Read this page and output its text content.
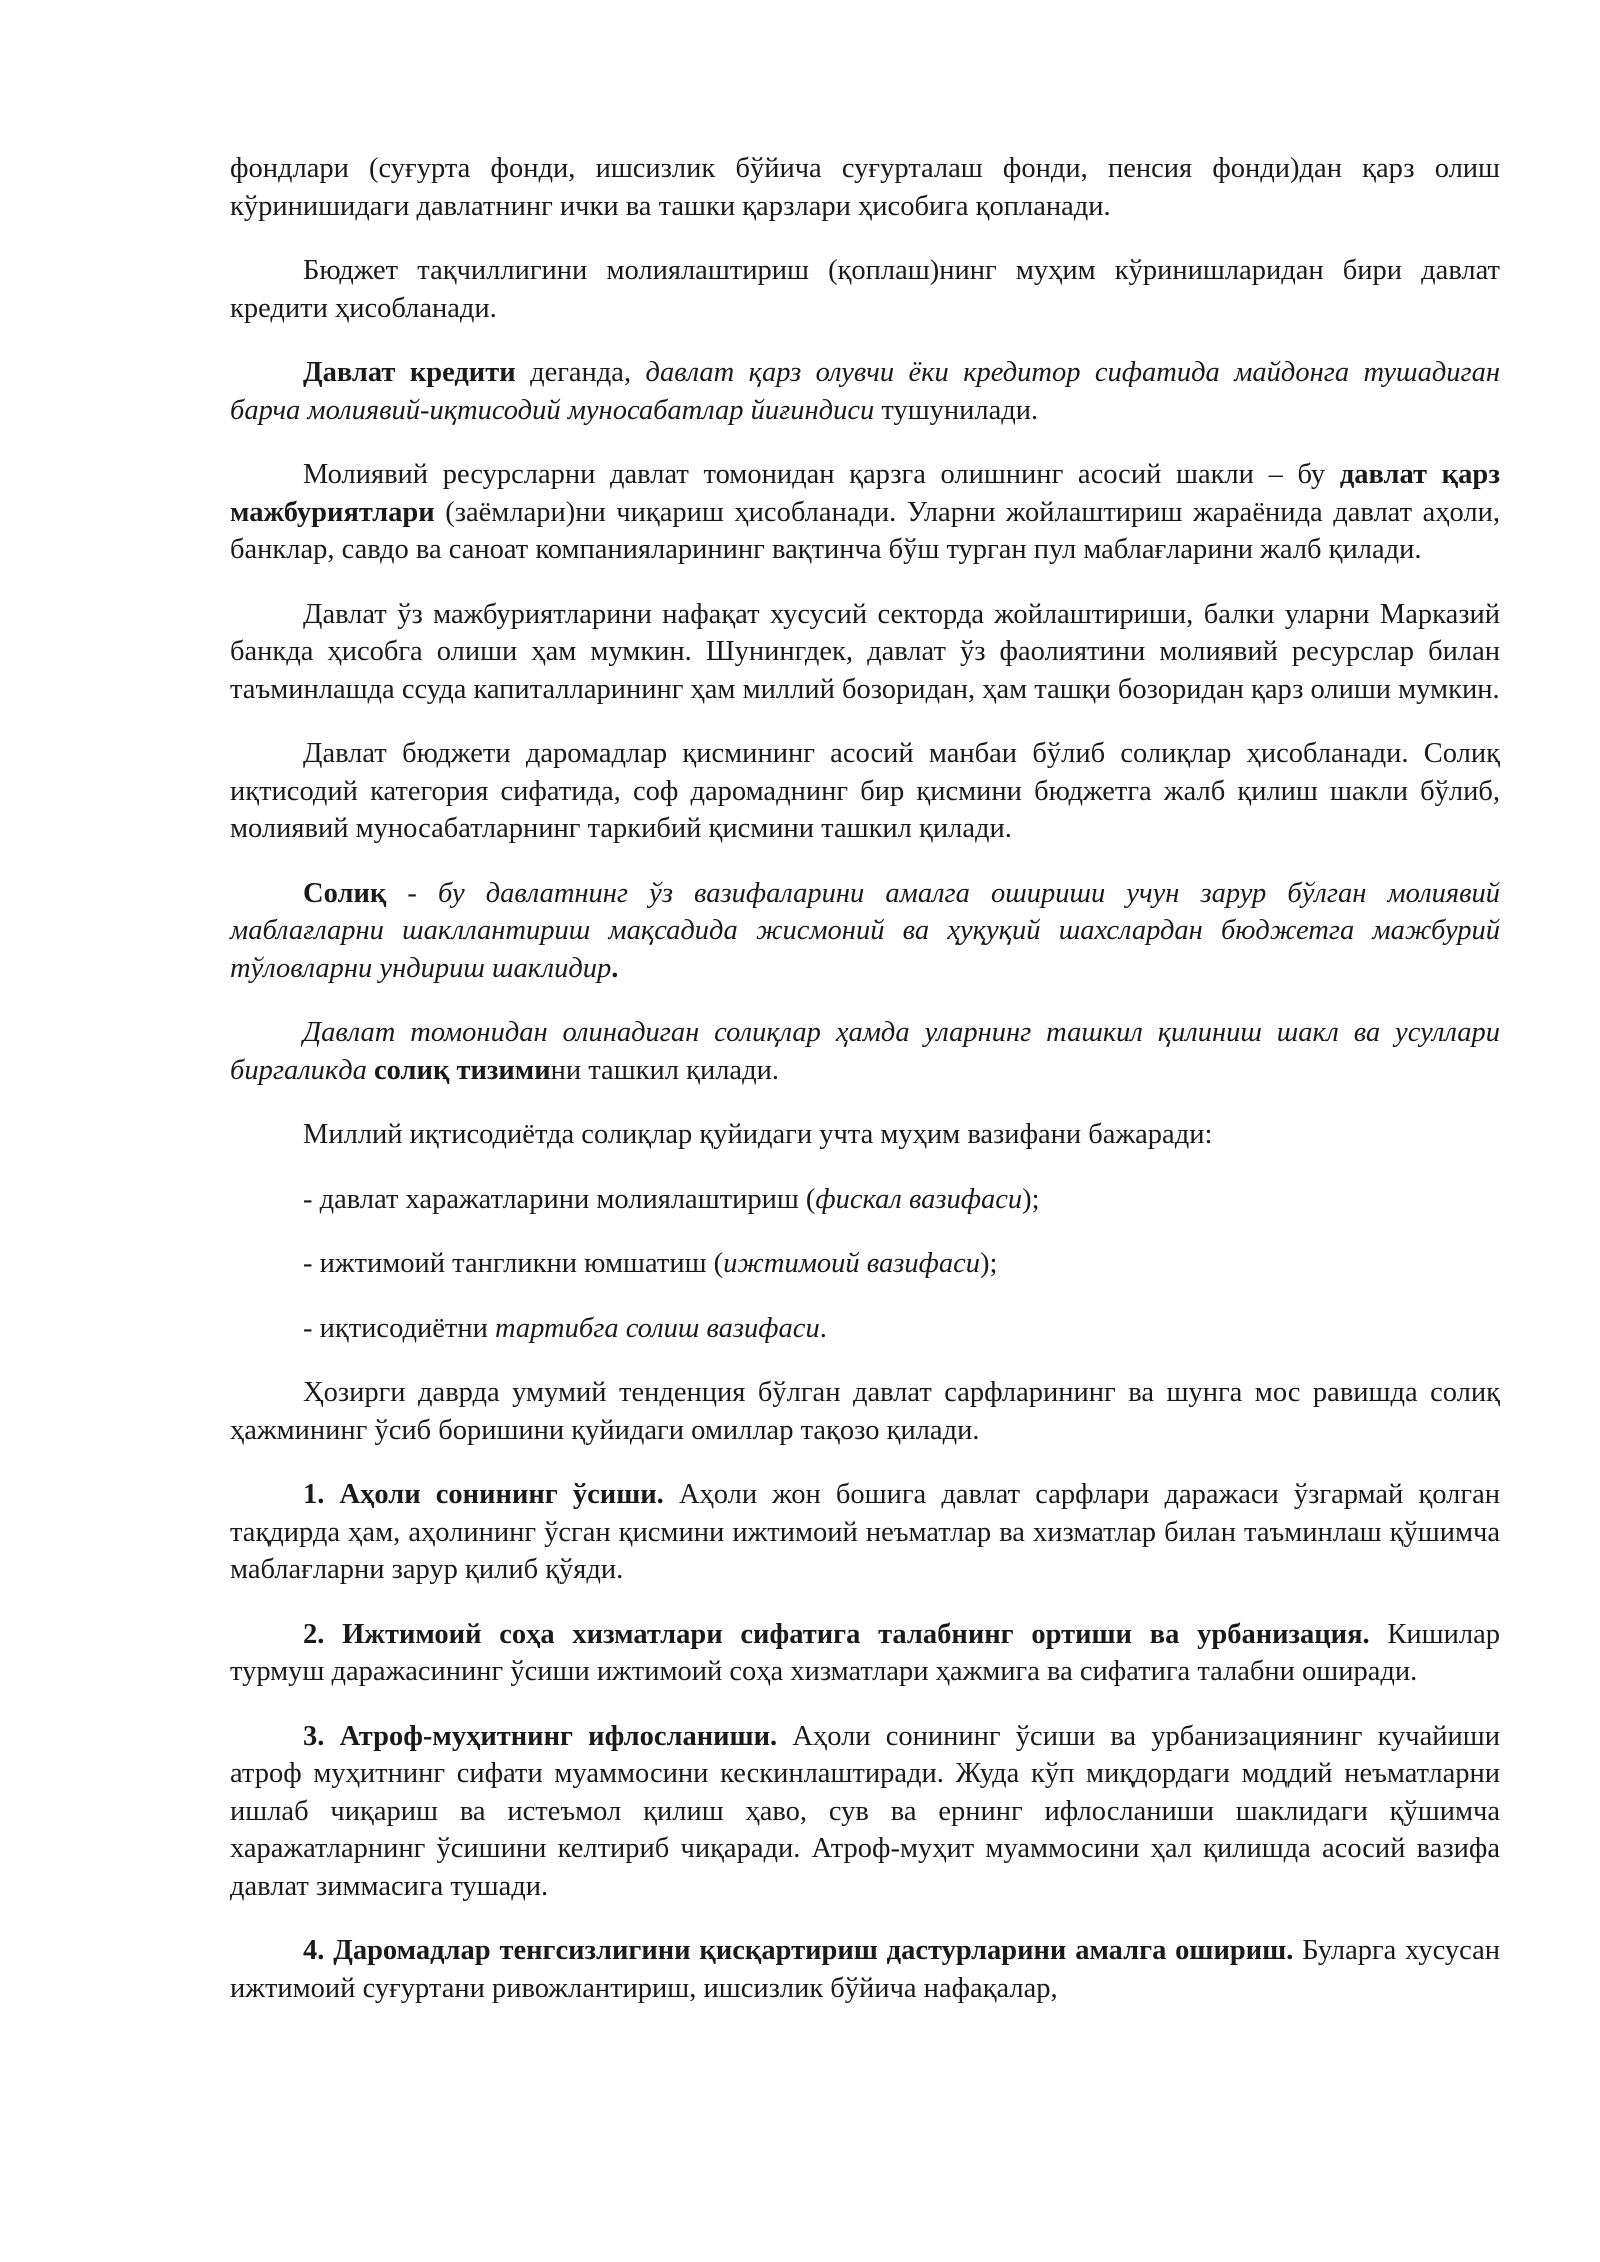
фондлари (суғурта фонди, ишсизлик бўйича суғурталаш фонди, пенсия фонди)дан қарз олиш кўринишидаги давлатнинг ички ва ташки қарзлари ҳисобига қопланади.

Бюджет тақчиллигини молиялаштириш (қоплаш)нинг муҳим кўринишларидан бири давлат кредити ҳисобланади.

Давлат кредити деганда, давлат қарз олувчи ёки кредитор сифатида майдонга тушадиган барча молиявий-иқтисодий муносабатлар йиғиндиси тушунилади.

Молиявий ресурсларни давлат томонидан қарзга олишнинг асосий шакли – бу давлат қарз мажбуриятлари (заёмлари)ни чиқариш ҳисобланади. Уларни жойлаштириш жараёнида давлат аҳоли, банклар, савдо ва саноат компанияларининг вақтинча бўш турган пул маблағларини жалб қилади.

Давлат ўз мажбуриятларини нафақат хусусий секторда жойлаштириши, балки уларни Марказий банкда ҳисобга олиши ҳам мумкин. Шунингдек, давлат ўз фаолиятини молиявий ресурслар билан таъминлашда ссуда капиталларининг ҳам миллий бозоридан, ҳам ташқи бозоридан қарз олиши мумкин.

Давлат бюджети даромадлар қисмининг асосий манбаи бўлиб солиқлар ҳисобланади. Солиқ иқтисодий категория сифатида, соф даромаднинг бир қисмини бюджетга жалб қилиш шакли бўлиб, молиявий муносабатларнинг таркибий қисмини ташкил қилади.

Солиқ - бу давлатнинг ўз вазифаларини амалга ошириши учун зарур бўлган молиявий маблағларни шакллантириш мақсадида жисмоний ва ҳуқуқий шахслардан бюджетга мажбурий тўловларни ундириш шаклидир.

Давлат томонидан олинадиган солиқлар ҳамда уларнинг ташкил қилиниш шакл ва усуллари биргаликда солиқ тизимини ташкил қилади.

Миллий иқтисодиётда солиқлар қуйидаги учта муҳим вазифани бажаради:

- давлат харажатларини молиялаштириш (фискал вазифаси);

- ижтимоий тангликни юмшатиш (ижтимоий вазифаси);

- иқтисодиётни тартибга солиш вазифаси.

Ҳозирги даврда умумий тенденция бўлган давлат сарфларининг ва шунга мос равишда солиқ ҳажмининг ўсиб боришини қуйидаги омиллар тақозо қилади.

1. Аҳоли сонининг ўсиши. Аҳоли жон бошига давлат сарфлари даражаси ўзгармай қолган тақдирда ҳам, аҳолининг ўсган қисмини ижтимоий неъматлар ва хизматлар билан таъминлаш қўшимча маблағларни зарур қилиб қўяди.

2. Ижтимоий соҳа хизматлари сифатига талабнинг ортиши ва урбанизация. Кишилар турмуш даражасининг ўсиши ижтимоий соҳа хизматлари ҳажмига ва сифатига талабни оширади.

3. Атроф-муҳитнинг ифлосланиши. Аҳоли сонининг ўсиши ва урбанизациянинг кучайиши атроф муҳитнинг сифати муаммосини кескинлаштиради. Жуда кўп миқдордаги моддий неъматларни ишлаб чиқариш ва истеъмол қилиш ҳаво, сув ва ернинг ифлосланиши шаклидаги қўшимча харажатларнинг ўсишини келтириб чиқаради. Атроф-муҳит муаммосини ҳал қилишда асосий вазифа давлат зиммасига тушади.

4. Даромадлар тенгсизлигини қисқартириш дастурларини амалга ошириш. Буларга хусусан ижтимоий суғуртани ривожлантириш, ишсизлик бўйича нафақалар,
